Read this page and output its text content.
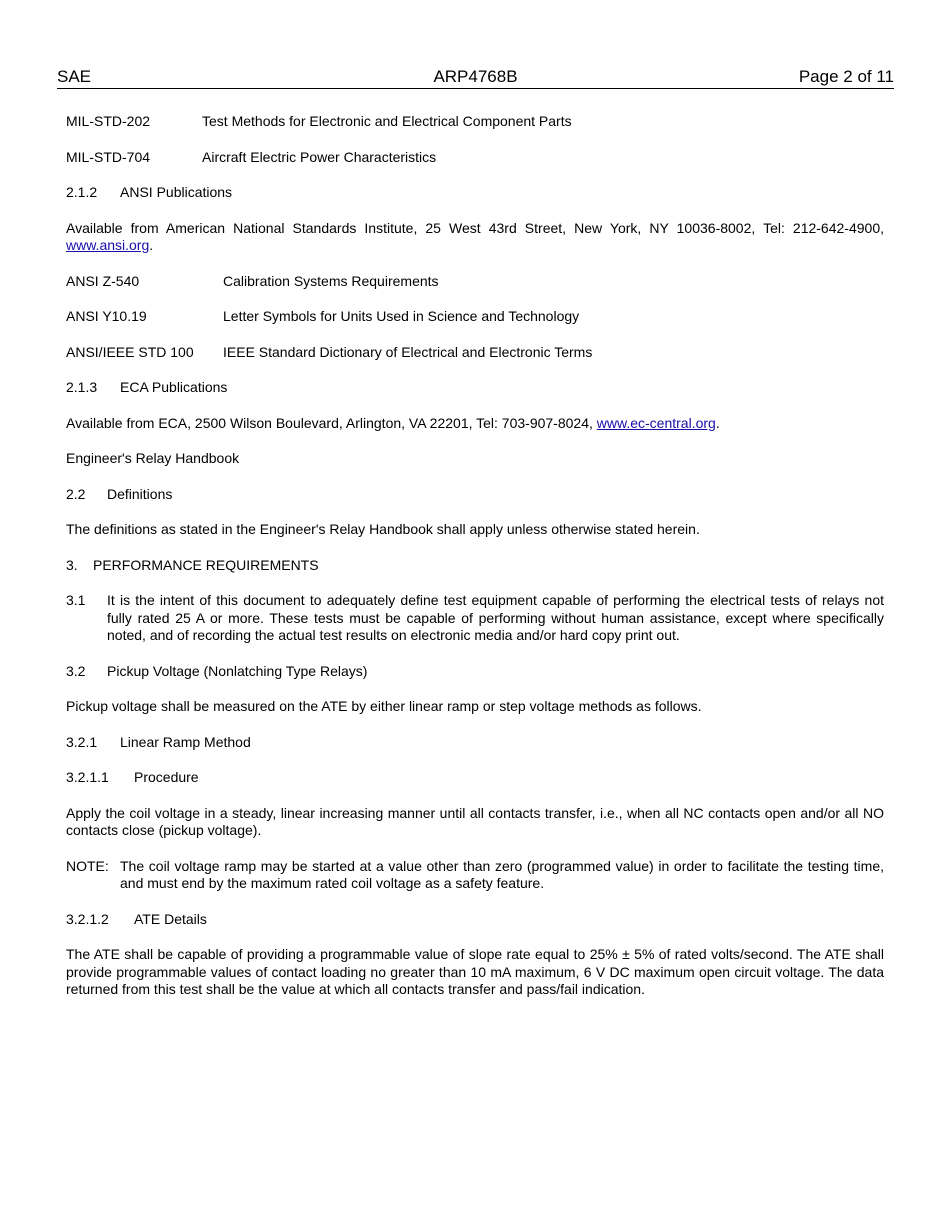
SAE	ARP4768B	Page 2 of 11
MIL-STD-202	Test Methods for Electronic and Electrical Component Parts
MIL-STD-704	Aircraft Electric Power Characteristics
2.1.2	ANSI Publications

Available from American National Standards Institute, 25 West 43rd Street, New York, NY 10036-8002, Tel: 212-642-4900, www.ansi.org.

ANSI Z-540	Calibration Systems Requirements
ANSI Y10.19	Letter Symbols for Units Used in Science and Technology
ANSI/IEEE STD 100	IEEE Standard Dictionary of Electrical and Electronic Terms
2.1.3	ECA Publications

Available from ECA, 2500 Wilson Boulevard, Arlington, VA 22201, Tel: 703-907-8024, www.ec-central.org.

Engineer's Relay Handbook

2.2	Definitions

The definitions as stated in the Engineer's Relay Handbook shall apply unless otherwise stated herein.

3.	PERFORMANCE REQUIREMENTS
3.1	It is the intent of this document to adequately define test equipment capable of performing the electrical tests of relays not fully rated 25 A or more. These tests must be capable of performing without human assistance, except where specifically noted, and of recording the actual test results on electronic media and/or hard copy print out.
3.2	Pickup Voltage (Nonlatching Type Relays)

Pickup voltage shall be measured on the ATE by either linear ramp or step voltage methods as follows.

3.2.1	Linear Ramp Method
3.2.1.1	Procedure

Apply the coil voltage in a steady, linear increasing manner until all contacts transfer, i.e., when all NC contacts open and/or all NO contacts close (pickup voltage).

NOTE: The coil voltage ramp may be started at a value other than zero (programmed value) in order to facilitate the testing time, and must end by the maximum rated coil voltage as a safety feature.
3.2.1.2	ATE Details

The ATE shall be capable of providing a programmable value of slope rate equal to 25% ± 5% of rated volts/second. The ATE shall provide programmable values of contact loading no greater than 10 mA maximum, 6 V DC maximum open circuit voltage. The data returned from this test shall be the value at which all contacts transfer and pass/fail indication.
